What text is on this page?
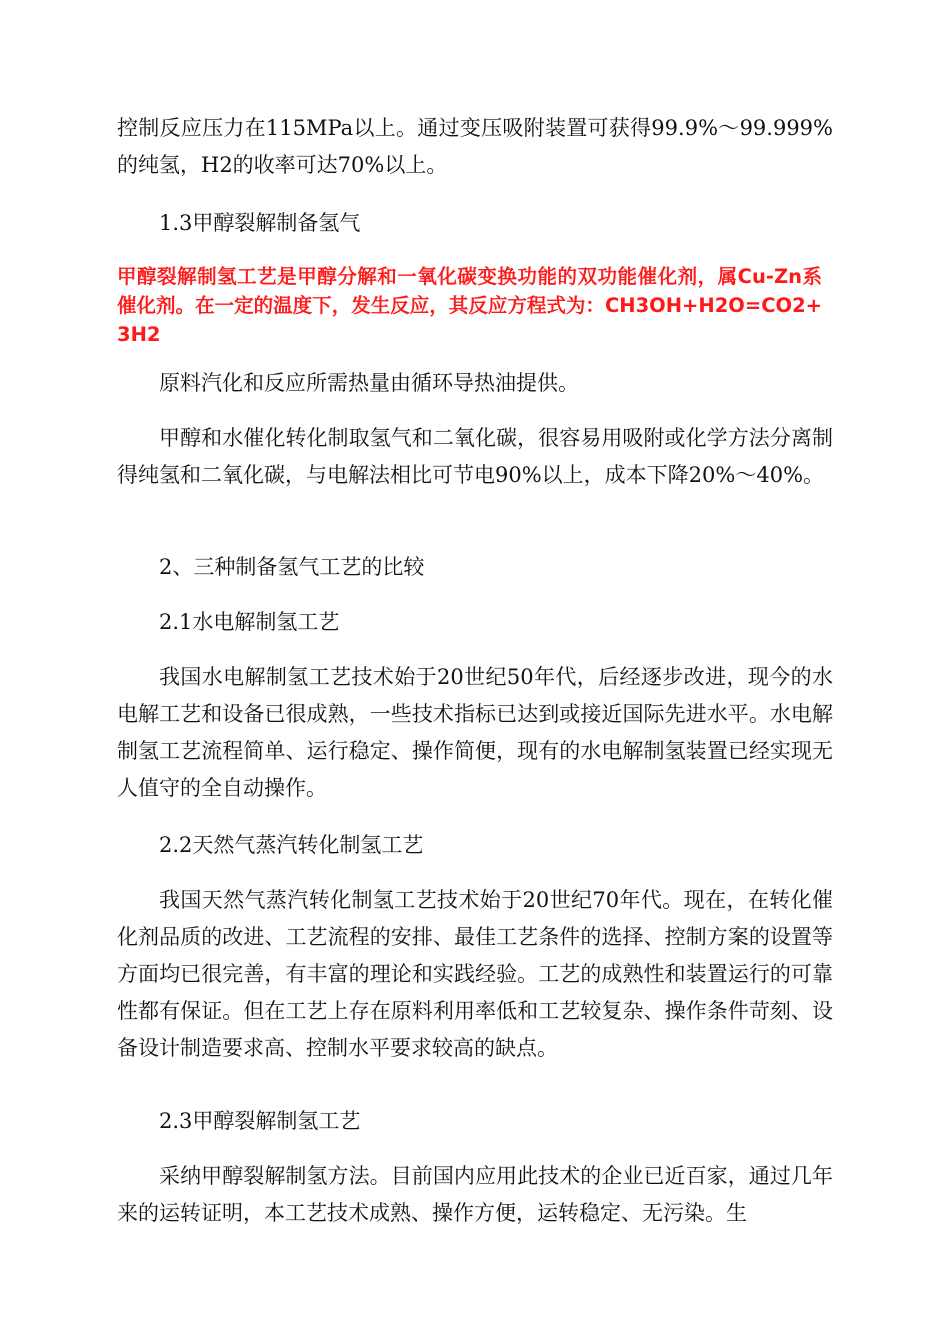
控制反应压力在115MPa以上。通过变压吸附装置可获得99.9%～99.999%的纯氢，H2的收率可达70%以上。

1.3甲醇裂解制备氢气

甲醇裂解制氢工艺是甲醇分解和一氧化碳变换功能的双功能催化剂，属Cu-Zn系催化剂。在一定的温度下，发生反应，其反应方程式为：CH3OH+H2O=CO2+3H2

原料汽化和反应所需热量由循环导热油提供。

甲醇和水催化转化制取氢气和二氧化碳，很容易用吸附或化学方法分离制得纯氢和二氧化碳，与电解法相比可节电90%以上，成本下降20%～40%。

2、三种制备氢气工艺的比较

2.1水电解制氢工艺

我国水电解制氢工艺技术始于20世纪50年代，后经逐步改进，现今的水电解工艺和设备已很成熟，一些技术指标已达到或接近国际先进水平。水电解制氢工艺流程简单、运行稳定、操作简便，现有的水电解制氢装置已经实现无人值守的全自动操作。

2.2天然气蒸汽转化制氢工艺

我国天然气蒸汽转化制氢工艺技术始于20世纪70年代。现在，在转化催化剂品质的改进、工艺流程的安排、最佳工艺条件的选择、控制方案的设置等方面均已很完善，有丰富的理论和实践经验。工艺的成熟性和装置运行的可靠性都有保证。但在工艺上存在原料利用率低和工艺较复杂、操作条件苛刻、设备设计制造要求高、控制水平要求较高的缺点。

2.3甲醇裂解制氢工艺

采纳甲醇裂解制氢方法。目前国内应用此技术的企业已近百家，通过几年来的运转证明，本工艺技术成熟、操作方便，运转稳定、无污染。生
